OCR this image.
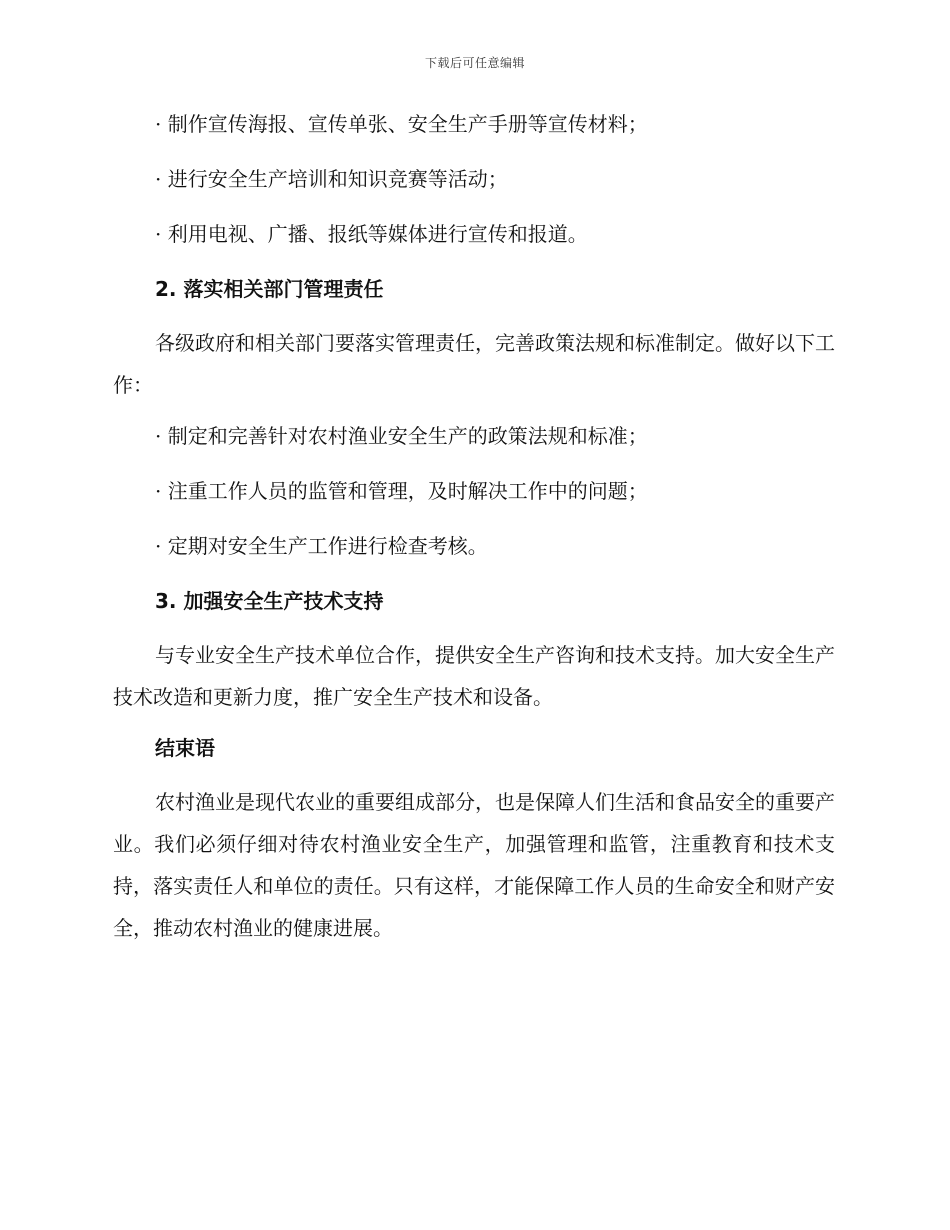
下载后可任意编辑

· 制作宣传海报、宣传单张、安全生产手册等宣传材料；

· 进行安全生产培训和知识竞赛等活动；

· 利用电视、广播、报纸等媒体进行宣传和报道。

2. 落实相关部门管理责任

各级政府和相关部门要落实管理责任，完善政策法规和标准制定。做好以下工作：

· 制定和完善针对农村渔业安全生产的政策法规和标准；

· 注重工作人员的监管和管理，及时解决工作中的问题；

· 定期对安全生产工作进行检查考核。

3. 加强安全生产技术支持

与专业安全生产技术单位合作，提供安全生产咨询和技术支持。加大安全生产技术改造和更新力度，推广安全生产技术和设备。

结束语

农村渔业是现代农业的重要组成部分，也是保障人们生活和食品安全的重要产业。我们必须仔细对待农村渔业安全生产，加强管理和监管，注重教育和技术支持，落实责任人和单位的责任。只有这样，才能保障工作人员的生命安全和财产安全，推动农村渔业的健康进展。
